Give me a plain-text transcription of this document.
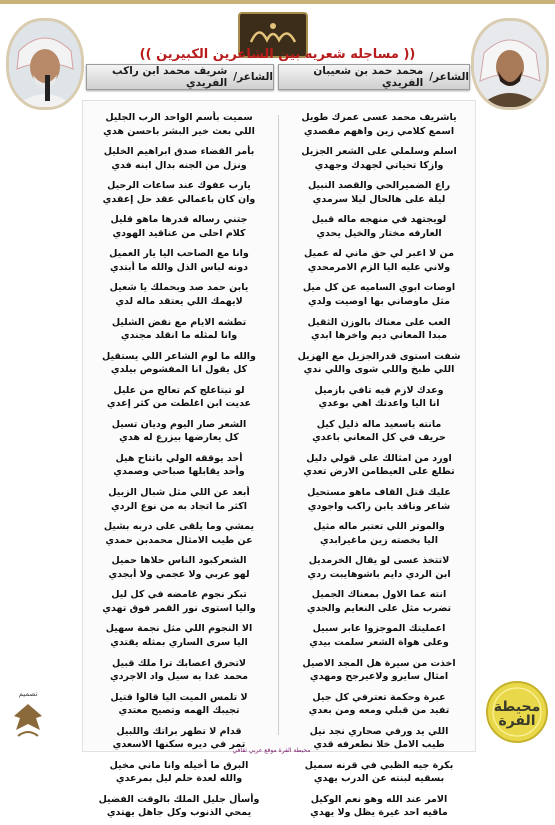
(( مساجله شعريه بين الشاعرين الكبيرين ))
الشاعر/
محمد حمد بن شعيبان الفريدي
الشاعر/
شريف محمد ابن راكب الفريدي
ياشريف محمد عسى عمرك طويل
اسمع كلامي زين واههم مقصدي
اسلم وسلملي على الشعر الجزيل
وازكا تحياتي لجهدك وجهدي
راع الضميرالحي والقصد النبيل
ليلة على هالحال ليلا سرمدي
لويجتهد في منهجه ماله قبيل
العارفه مختار والخيل يحدي
من لا اعبر لي حق ماني له عميل
ولاني عليه اليا الزم الامرمحدي
اوصات ابوي الساميه عن كل ميل
مثل ماوصاني بها اوصيت ولدي
العب على معناك بالوزن الثقيل
مبدا المعاني ديم واخرها ابدي
شفت استوى قدرالجزيل مع الهزيل
اللي طبخ واللي شوى واللي ندي
وعدك لازم فيه تافي بازميل
انا اليا واعدتك اهي بوعدي
مانته ياسعيد ماله ذليل كيل
حريف في كل المعاني باعدي
اورد من امثالك على قولي دليل
تطلع على العيطامن الارض تعدي
عليك قتل القاف ماهو مستحيل
شاعر ونافد يابن راكب واجودي
والموتر اللي تعتبر ماله مثيل
اليا بخصته زين ماغيرابدي
لاتتخذ عسى لو يقال الخرمديل
ابن الردي دايم باشوهايبت ردي
انته عما الاول بمعناك الجميل
تضرب مثل على النعايم والجدي
اعمليتك الموجزوا عابر سبيل
وعلى هواة الشعر سلمت بيدي
اخذت من سيرة هل المجد الاصيل
امثال سايرو ولاعيرجح ومهدي
عبرة وحكمة تعترفي كل جيل
تفيد من قبلي ومعه ومن بعدي
اللي يد ورفي صحاري نجد نيل
طيب الامل خلا نطعرفه قدي
بكرة جيه الظبي في قرنه سميل
بسقيه لبنته عن الدرب يهدي
الامر عند الله وهو نعم الوكيل
ماقيه احد غيرة يظل ولا يهدي
سميت بأسم الواحد الرب الجليل
اللي بعث خير البشر باحسن هدي
بأمر القضاء صدق ابراهيم الخليل
ونزل من الجنه بدال ابنه فدي
يارب عفوك عند ساعات الرحيل
وان كان باعمالي عقد حل إعقدي
جتني رساله قدرها ماهو قليل
كلام احلى من عناقيد الهودي
وانا مع الصاحب اليا يار العميل
دونه لباس الذل والله ما أبتدي
يابن حمد صد وبحملك يا شعيل
لايهمك اللي يعتقد ماله لدي
تطشه الايام مع نفض الشليل
وانا لمثله ما انقلد مجندي
والله ما لوم الشاعر اللي يستقيل
كل يقول انا المفشوص بيلدي
لو تيتاعلج كم تعالج من عليل
عديت ابن اغلطت من كثر إعدي
الشعر صار اليوم وديان تسيل
كل يعارضها بيزرع له هدي
أحد يوققه الولي باتتاح هيل
وأحد يقابلها صباحي وصمدي
أبعد عن اللي مثل شبال الزبيل
اكثر ما اتجاد به من نوع الردي
يمشي وما يلقى على دربه بشيل
عن طيب الامثال محمدبن حمدي
الشعركبود الناس حلاها حميل
لهو عربي ولا عجمي ولا أبجدي
تبكر نجوم غامضه في كل ليل
واليا استوى نور القمر فوق تهدي
الا النجوم اللي مثل نجمة سهيل
اليا سرى الساري بمثله يقتدي
لاتحرق اعصابك ترا ملك قبيل
محمد غدا به سيل واد الاجردي
لا تلمس الميت اليا قالوا قتيل
تجيبك الهمه وتصيح معتدي
قدام لا تطهر براتك واللبيل
تمر في ديره سكنها الاسعدي
البرق ما أخيله وانا ماني مخيل
والله لعدة حلم ليل بمرعدي
وأسأل جليل الملك بالوقت الفضيل
يمحي الذنوب وكل جاهل يهتدي
تصميم
محيطة الفرة
محيطة الفرة موقع عربي ثقافي
